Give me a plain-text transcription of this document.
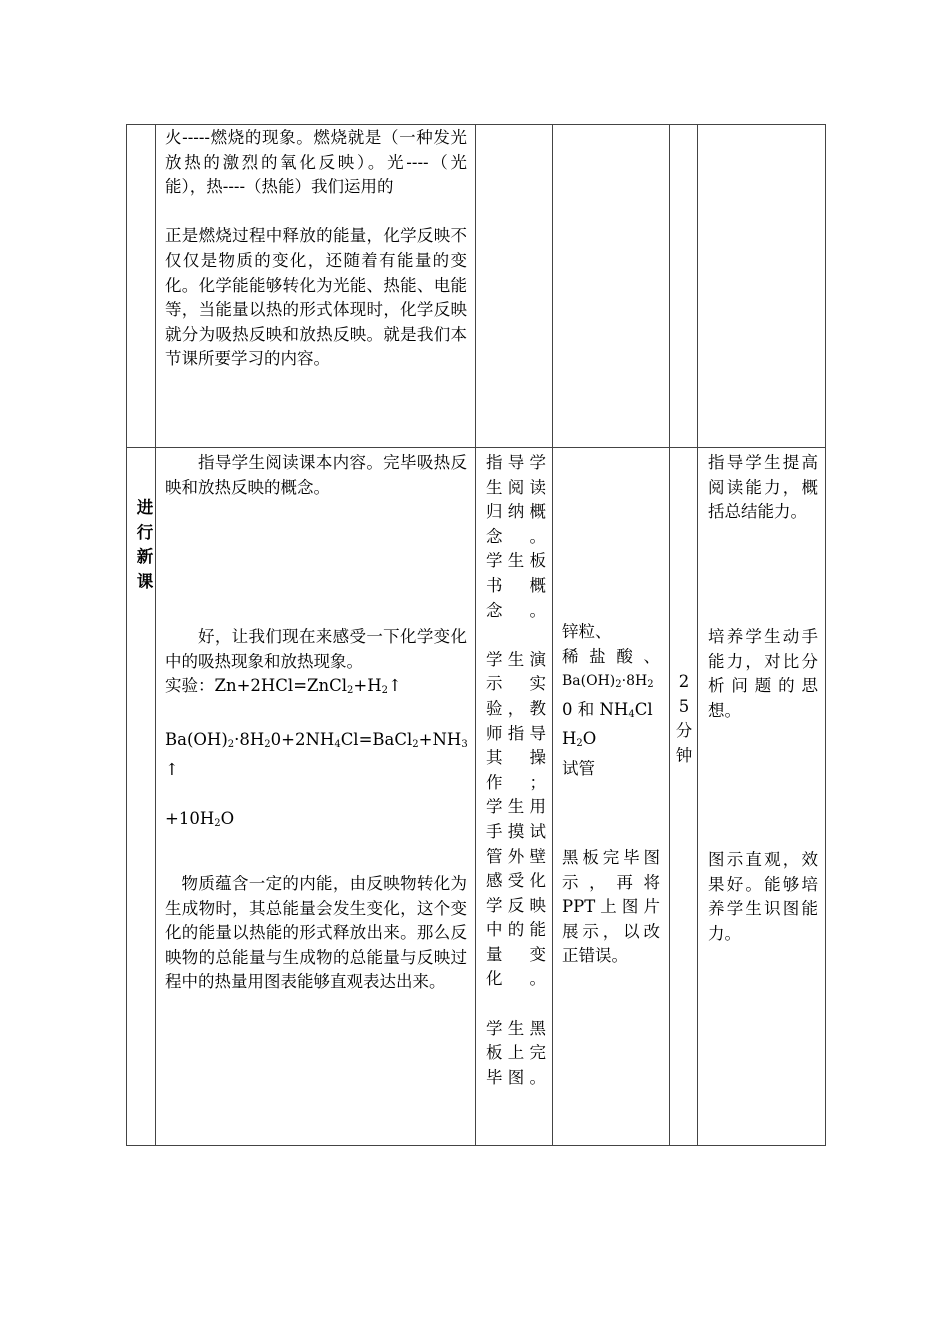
火-----燃烧的现象。燃烧就是（一种发光放热的激烈的氧化反映）。光----（光能），热----（热能）我们运用的

正是燃烧过程中释放的能量，化学反映不仅仅是物质的变化，还随着有能量的变化。化学能能够转化为光能、热能、电能等，当能量以热的形式体现时，化学反映就分为吸热反映和放热反映。就是我们本节课所要学习的内容。

进
行
新
课

指导学生阅读课本内容。完毕吸热反映和放热反映的概念。

好，让我们现在来感受一下化学变化中的吸热现象和放热现象。

实验：$Zn+2HCl=ZnCl_2+H_2↑$

$Ba(OH)_2\cdot 8H_20+2NH_4Cl=BaCl_2+NH_3$
↑

$+10H_2O$

物质蕴含一定的内能，由反映物转化为生成物时，其总能量会发生变化，这个变化的能量以热能的形式释放出来。那么反映物的总能量与生成物的总能量与反映过程中的热量用图表能够直观表达出来。

指导学生阅读归纳概念。

学生板书 概念。

学生演示 实验，教师指导其 操作；

学生用手摸试管外壁感受化学反映中的能量 变化。

学生黑板上完毕图。

锌粒、

稀盐酸、

$Ba(OH)_2\cdot 8H_2$

0 和 $NH_4Cl$

$H_2O$

试管

黑板完毕图示，再将PPT上图片展示，以改正错误。

25分钟

指导学生提高阅读能力，概括总结能力。

培养学生动手能力，对比分析问题的思想。

图示直观，效果好。能够培养学生识图能力。
